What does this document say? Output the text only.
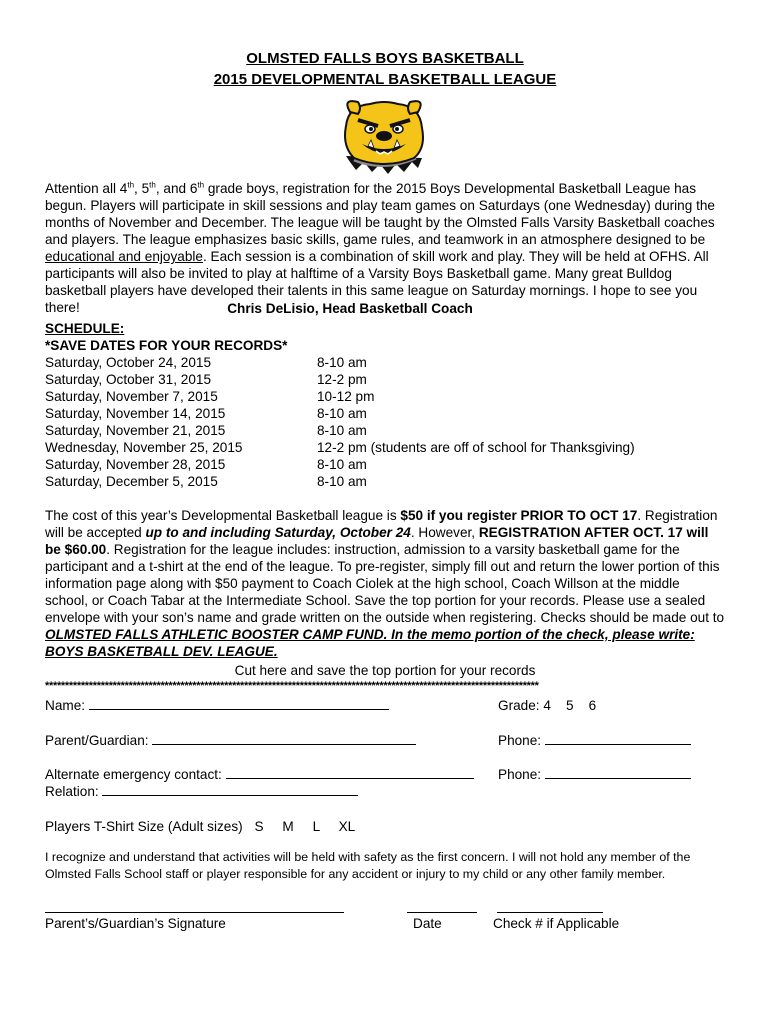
OLMSTED FALLS BOYS BASKETBALL
2015 DEVELOPMENTAL BASKETBALL LEAGUE
Attention all 4th, 5th, and 6th grade boys, registration for the 2015 Boys Developmental Basketball League has begun. Players will participate in skill sessions and play team games on Saturdays (one Wednesday) during the months of November and December. The league will be taught by the Olmsted Falls Varsity Basketball coaches and players. The league emphasizes basic skills, game rules, and teamwork in an atmosphere designed to be educational and enjoyable. Each session is a combination of skill work and play. They will be held at OFHS. All participants will also be invited to play at halftime of a Varsity Boys Basketball game. Many great Bulldog basketball players have developed their talents in this same league on Saturday mornings. I hope to see you there!	Chris DeLisio, Head Basketball Coach
SCHEDULE:
*SAVE DATES FOR YOUR RECORDS*
Saturday, October 24, 2015	8-10 am
Saturday, October 31, 2015	12-2 pm
Saturday, November 7, 2015	10-12 pm
Saturday, November 14, 2015	8-10 am
Saturday, November 21, 2015	8-10 am
Wednesday, November 25, 2015	12-2 pm (students are off of school for Thanksgiving)
Saturday, November 28, 2015	8-10 am
Saturday, December 5, 2015	8-10 am
The cost of this year’s Developmental Basketball league is $50 if you register PRIOR TO OCT 17. Registration will be accepted up to and including Saturday, October 24. However, REGISTRATION AFTER OCT. 17 will be $60.00. Registration for the league includes: instruction, admission to a varsity basketball game for the participant and a t-shirt at the end of the league. To pre-register, simply fill out and return the lower portion of this information page along with $50 payment to Coach Ciolek at the high school, Coach Willson at the middle school, or Coach Tabar at the Intermediate School. Save the top portion for your records. Please use a sealed envelope with your son’s name and grade written on the outside when registering. Checks should be made out to OLMSTED FALLS ATHLETIC BOOSTER CAMP FUND. In the memo portion of the check, please write: BOYS BASKETBALL DEV. LEAGUE.
Cut here and save the top portion for your records
****************************************************************************************************************************
Name:	Grade: 4    5    6
Parent/Guardian:	Phone:
Alternate emergency contact:	Phone:
Relation:
Players T-Shirt Size (Adult sizes) S     M     L     XL
I recognize and understand that activities will be held with safety as the first concern. I will not hold any member of the Olmsted Falls School staff or player responsible for any accident or injury to my child or any other family member.
Parent’s/Guardian’s Signature	Date	Check # if Applicable
